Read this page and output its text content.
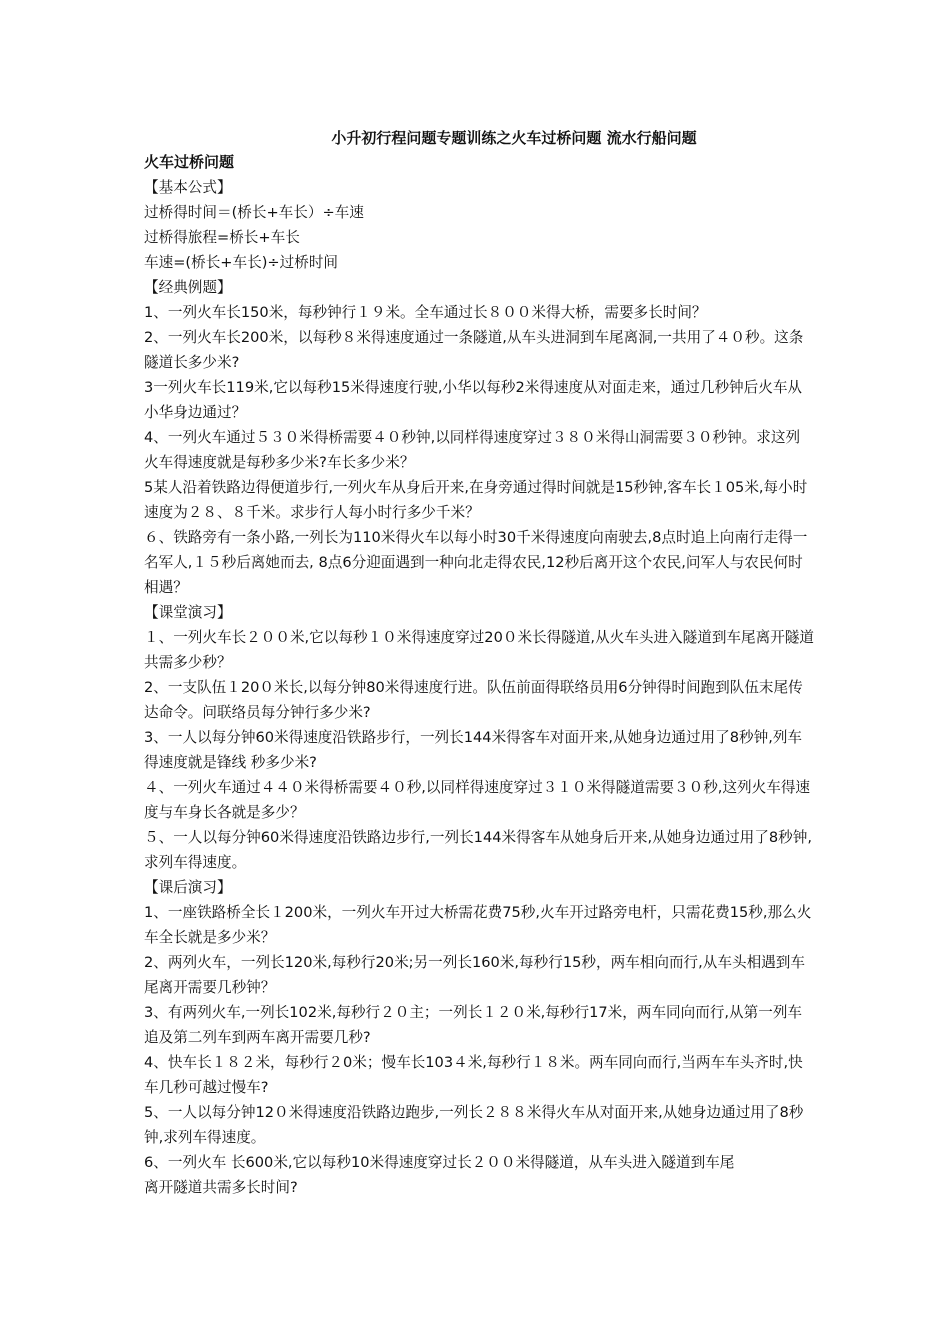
小升初行程问题专题训练之火车过桥问题 流水行船问题

火车过桥问题

【基本公式】

过桥得时间＝(桥长+车长）÷车速

过桥得旅程=桥长+车长

车速=(桥长+车长)÷过桥时间

【经典例题】

1、一列火车长150米，每秒钟行１９米。全车通过长８００米得大桥，需要多长时间？

2、一列火车长200米，以每秒８米得速度通过一条隧道,从车头进洞到车尾离洞,一共用了４０秒。这条隧道长多少米?

3一列火车长119米,它以每秒15米得速度行驶,小华以每秒2米得速度从对面走来，通过几秒钟后火车从小华身边通过？

4、一列火车通过５３０米得桥需要４０秒钟,以同样得速度穿过３８０米得山洞需要３０秒钟。求这列火车得速度就是每秒多少米?车长多少米？

5某人沿着铁路边得便道步行,一列火车从身后开来,在身旁通过得时间就是15秒钟,客车长１05米,每小时速度为２８、８千米。求步行人每小时行多少千米？

６、铁路旁有一条小路,一列长为110米得火车以每小时30千米得速度向南驶去,8点时追上向南行走得一名军人,１５秒后离她而去, 8点6分迎面遇到一种向北走得农民,12秒后离开这个农民,问军人与农民何时相遇？

【课堂演习】

１、一列火车长２００米,它以每秒１０米得速度穿过20０米长得隧道,从火车头进入隧道到车尾离开隧道共需多少秒？

2、一支队伍１20０米长,以每分钟80米得速度行进。队伍前面得联络员用6分钟得时间跑到队伍末尾传达命令。问联络员每分钟行多少米?

3、一人以每分钟60米得速度沿铁路步行，一列长144米得客车对面开来,从她身边通过用了8秒钟,列车得速度就是锋线 秒多少米?

４、一列火车通过４４０米得桥需要４０秒,以同样得速度穿过３１０米得隧道需要３０秒,这列火车得速度与车身长各就是多少？

５、一人以每分钟60米得速度沿铁路边步行,一列长144米得客车从她身后开来,从她身边通过用了8秒钟,求列车得速度。

【课后演习】

1、一座铁路桥全长１200米，一列火车开过大桥需花费75秒,火车开过路旁电杆，只需花费15秒,那么火车全长就是多少米？

2、两列火车，一列长120米,每秒行20米;另一列长160米,每秒行15秒，两车相向而行,从车头相遇到车尾离开需要几秒钟？

3、有两列火车,一列长102米,每秒行２０主；一列长１２０米,每秒行17米，两车同向而行,从第一列车追及第二列车到两车离开需要几秒?

4、快车长１８２米，每秒行２0米；慢车长103４米,每秒行１８米。两车同向而行,当两车车头齐时,快车几秒可越过慢车?

5、一人以每分钟12０米得速度沿铁路边跑步,一列长２８８米得火车从对面开来,从她身边通过用了8秒钟,求列车得速度。

6、一列火车 长600米,它以每秒10米得速度穿过长２００米得隧道，从车头进入隧道到车尾

离开隧道共需多长时间?
